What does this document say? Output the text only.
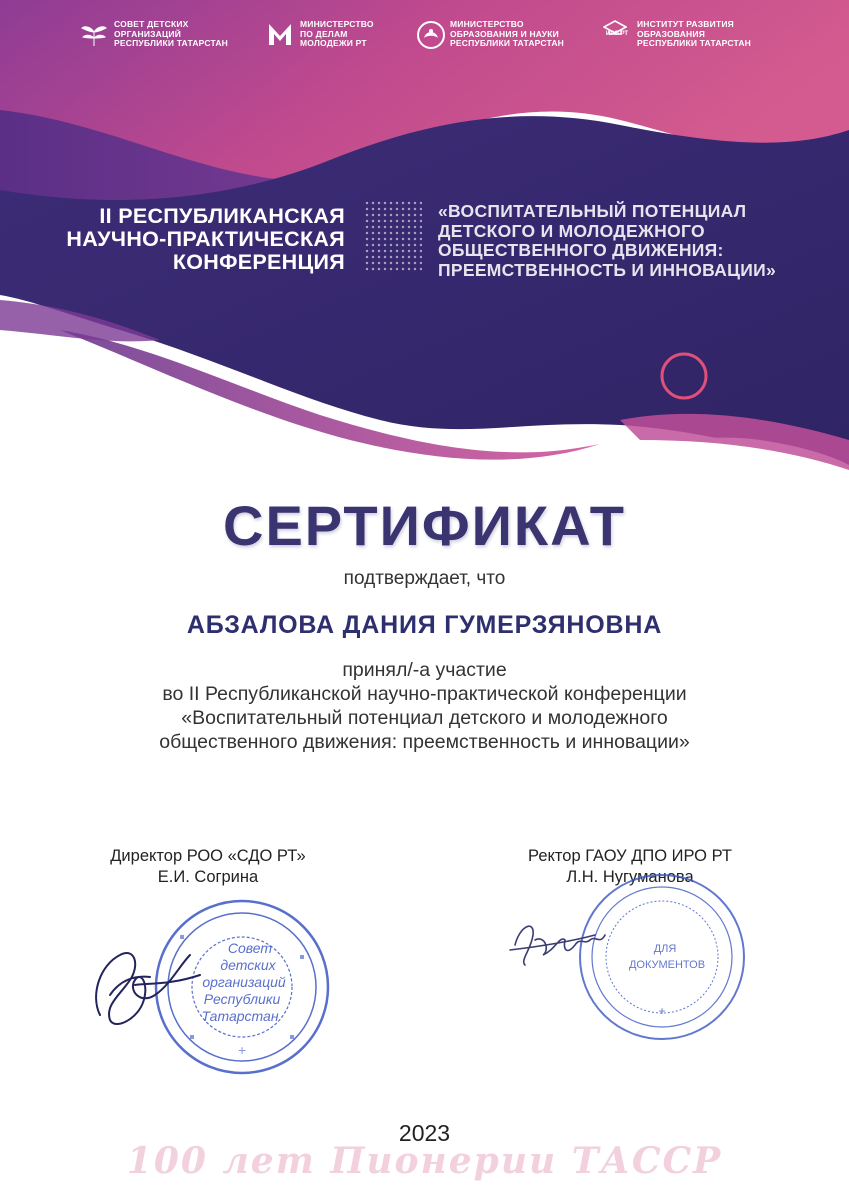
СОВЕТ ДЕТСКИХ
ОРГАНИЗАЦИЙ
РЕСПУБЛИКИ ТАТАРСТАН
МИНИСТЕРСТВО
ПО ДЕЛАМ
МОЛОДЕЖИ РТ
МИНИСТЕРСТВО
ОБРАЗОВАНИЯ И НАУКИ
РЕСПУБЛИКИ ТАТАРСТАН
ИРО РТ
ИНСТИТУТ РАЗВИТИЯ
ОБРАЗОВАНИЯ
РЕСПУБЛИКИ ТАТАРСТАН
II РЕСПУБЛИКАНСКАЯ
НАУЧНО-ПРАКТИЧЕСКАЯ
КОНФЕРЕНЦИЯ
«ВОСПИТАТЕЛЬНЫЙ ПОТЕНЦИАЛ
ДЕТСКОГО И МОЛОДЕЖНОГО
ОБЩЕСТВЕННОГО ДВИЖЕНИЯ:
ПРЕЕМСТВЕННОСТЬ И ИННОВАЦИИ»
СЕРТИФИКАТ
подтверждает, что
АБЗАЛОВА ДАНИЯ ГУМЕРЗЯНОВНА
принял/-а участие
во II Республиканской научно-практической конференции
«Воспитательный потенциал детского и молодежного
общественного движения: преемственность и инновации»
Директор РОО «СДО РТ»
Е.И. Согрина
Ректор ГАОУ ДПО ИРО РТ
Л.Н. Нугуманова
Совет
детских
организаций
Республики
Татарстан
+
ДЛЯ
ДОКУМЕНТОВ
+
2023
100 лет Пионерии ТАССР
